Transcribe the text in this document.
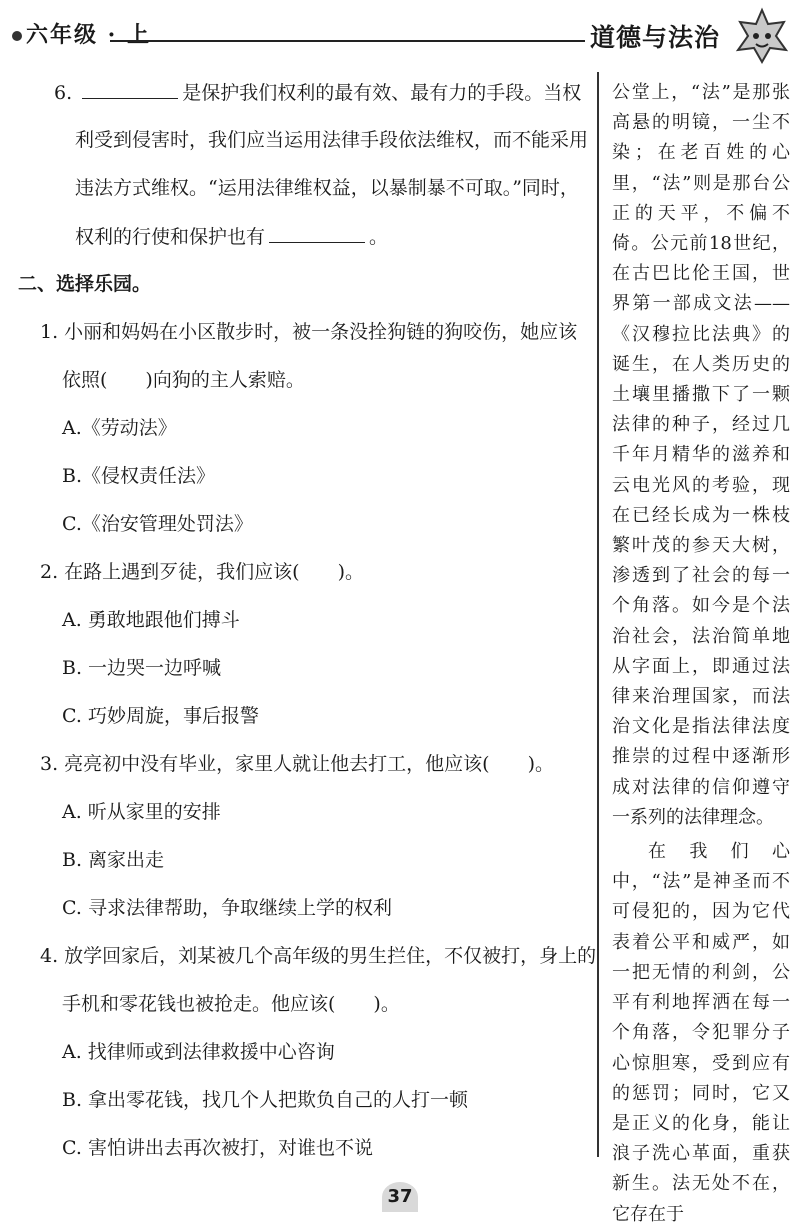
六年级 · 上	道德与法治
6.	是保护我们权利的最有效、最有力的手段。当权
利受到侵害时，我们应当运用法律手段依法维权，而不能采用
违法方式维权。“运用法律维权益，以暴制暴不可取。”同时，
权利的行使和保护也有	。
二、选择乐园。
1. 小丽和妈妈在小区散步时，被一条没拴狗链的狗咬伤，她应该
依照(　　)向狗的主人索赔。
A.《劳动法》
B.《侵权责任法》
C.《治安管理处罚法》
2. 在路上遇到歹徒，我们应该(　　)。
A. 勇敢地跟他们搏斗
B. 一边哭一边呼喊
C. 巧妙周旋，事后报警
3. 亮亮初中没有毕业，家里人就让他去打工，他应该(　　)。
A. 听从家里的安排
B. 离家出走
C. 寻求法律帮助，争取继续上学的权利
4. 放学回家后，刘某被几个高年级的男生拦住，不仅被打，身上的
手机和零花钱也被抢走。他应该(　　)。
A. 找律师或到法律救援中心咨询
B. 拿出零花钱，找几个人把欺负自己的人打一顿
C. 害怕讲出去再次被打，对谁也不说

公堂上，“法”是那张高悬的明镜，一尘不染；在老百姓的心里，“法”则是那台公正的天平，不偏不倚。公元前18世纪，在古巴比伦王国，世界第一部成文法——《汉穆拉比法典》的诞生，在人类历史的土壤里播撒下了一颗法律的种子，经过几千年月精华的滋养和云电光风的考验，现在已经长成为一株枝繁叶茂的参天大树，渗透到了社会的每一个角落。如今是个法治社会，法治简单地从字面上，即通过法律来治理国家，而法治文化是指法律法度推崇的过程中逐渐形成对法律的信仰遵守一系列的法律理念。

在我们心中，“法”是神圣而不可侵犯的，因为它代表着公平和威严，如一把无情的利剑，公平有利地挥洒在每一个角落，令犯罪分子心惊胆寒，受到应有的惩罚；同时，它又是正义的化身，能让浪子洗心革面，重获新生。法无处不在，它存在于

37
